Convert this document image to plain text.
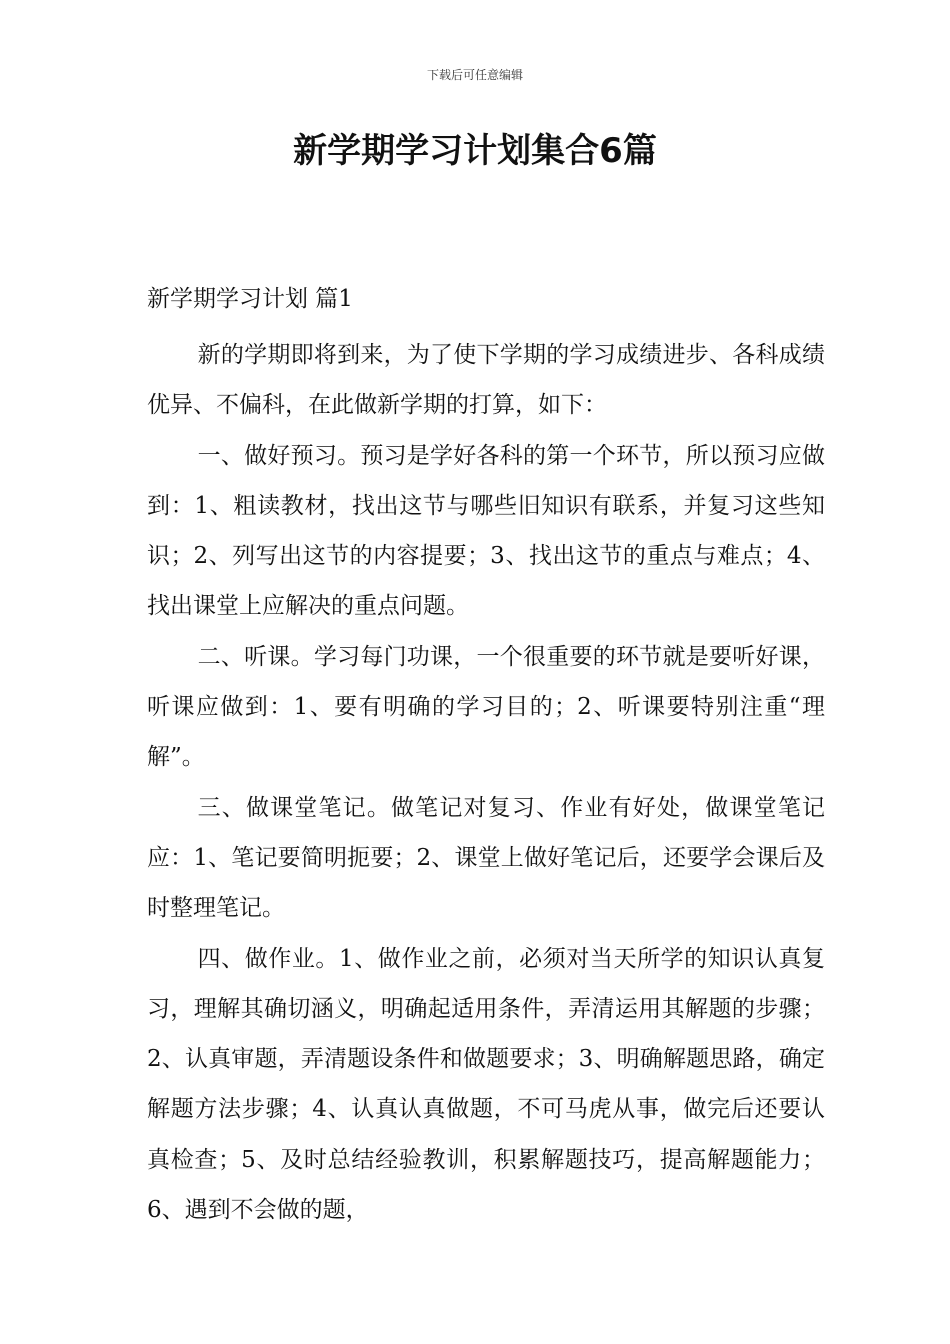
下载后可任意编辑
新学期学习计划集合6篇
新学期学习计划 篇1

新的学期即将到来，为了使下学期的学习成绩进步、各科成绩优异、不偏科，在此做新学期的打算，如下：

一、做好预习。预习是学好各科的第一个环节，所以预习应做到：1、粗读教材，找出这节与哪些旧知识有联系，并复习这些知识；2、列写出这节的内容提要；3、找出这节的重点与难点；4、找出课堂上应解决的重点问题。

二、听课。学习每门功课，一个很重要的环节就是要听好课，听课应做到：1、要有明确的学习目的；2、听课要特别注重“理解”。

三、做课堂笔记。做笔记对复习、作业有好处，做课堂笔记应：1、笔记要简明扼要；2、课堂上做好笔记后，还要学会课后及时整理笔记。

四、做作业。1、做作业之前，必须对当天所学的知识认真复习，理解其确切涵义，明确起适用条件，弄清运用其解题的步骤；2、认真审题，弄清题设条件和做题要求；3、明确解题思路，确定解题方法步骤；4、认真认真做题，不可马虎从事，做完后还要认真检查；5、及时总结经验教训，积累解题技巧，提高解题能力；6、遇到不会做的题，
